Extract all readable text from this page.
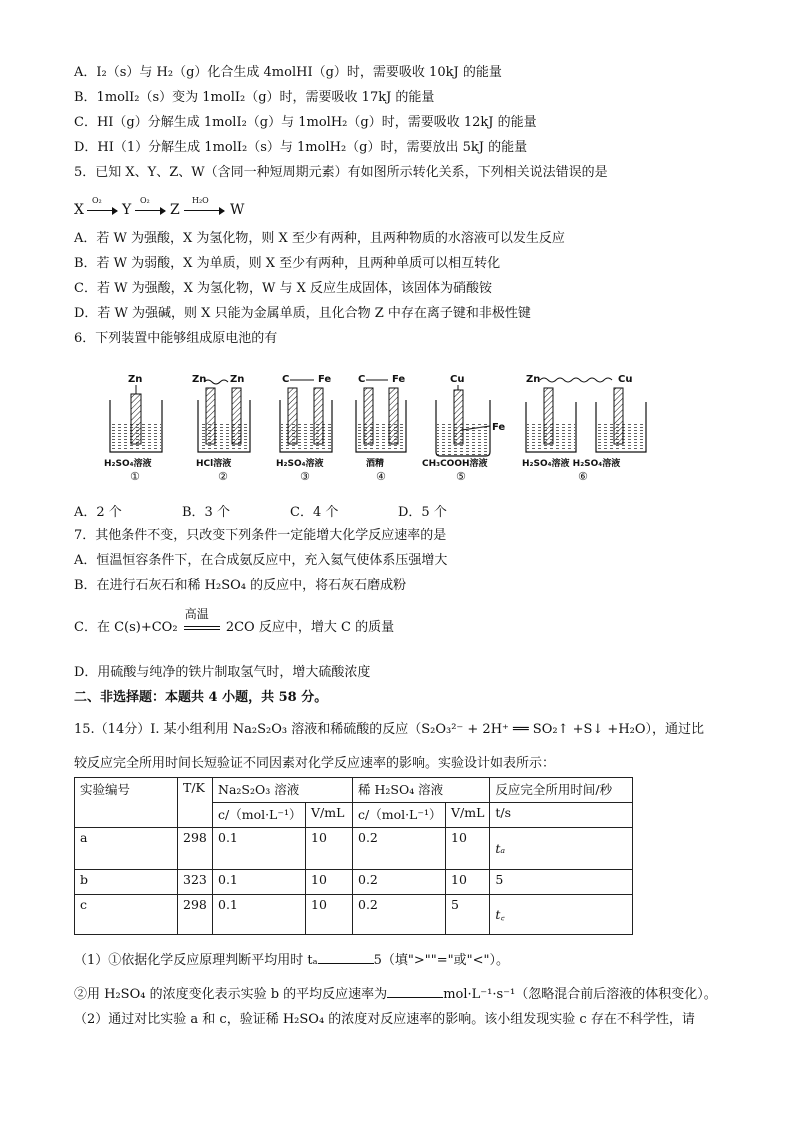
A．I₂（s）与 H₂（g）化合生成 4molHI（g）时，需要吸收 10kJ 的能量
B．1molI₂（s）变为 1molI₂（g）时，需要吸收 17kJ 的能量
C．HI（g）分解生成 1molI₂（g）与 1molH₂（g）时，需要吸收 12kJ 的能量
D．HI（1）分解生成 1molI₂（s）与 1molH₂（g）时，需要放出 5kJ 的能量
5．已知 X、Y、Z、W（含同一种短周期元素）有如图所示转化关系，下列相关说法错误的是
X
O₂
Y
O₂
Z
H₂O
W
A．若 W 为强酸，X 为氢化物，则 X 至少有两种，且两种物质的水溶液可以发生反应
B．若 W 为弱酸，X 为单质，则 X 至少有两种，且两种单质可以相互转化
C．若 W 为强酸，X 为氢化物，W 与 X 反应生成固体，该固体为硝酸铵
D．若 W 为强碱，则 X 只能为金属单质，且化合物 Z 中存在离子键和非极性键
6．下列装置中能够组成原电池的有
Zn
H₂SO₄溶液
①
Zn Zn
HCl溶液
②
C	Fe
H₂SO₄溶液
③
C	Fe
酒精
④
Cu
Fe
CH₃COOH溶液
⑤
Zn	Cu
H₂SO₄溶液 H₂SO₄溶液
⑥
A．2 个	B．3 个	C．4 个	D．5 个
7．其他条件不变，只改变下列条件一定能增大化学反应速率的是
A．恒温恒容条件下，在合成氨反应中，充入氦气使体系压强增大
B．在进行石灰石和稀 H₂SO₄ 的反应中，将石灰石磨成粉
C．在 C(s)+CO₂
高温
2CO 反应中，增大 C 的质量
D．用硫酸与纯净的铁片制取氢气时，增大硫酸浓度
二、非选择题：本题共 4 小题，共 58 分。
15.（14分）Ⅰ. 某小组利用 Na₂S₂O₃ 溶液和稀硫酸的反应（S₂O₃²⁻ + 2H⁺ ══ SO₂↑ +S↓ +H₂O），通过比
较反应完全所用时间长短验证不同因素对化学反应速率的影响。实验设计如表所示：
实验编号	T/K	Na₂S₂O₃ 溶液		稀 H₂SO₄ 溶液		反应完全所用时间/秒
		c/（mol·L⁻¹）	V/mL	c/（mol·L⁻¹）	V/mL	t/s
a	298	0.1	10	0.2	10	tₐ
b	323	0.1	10	0.2	10	5
c	298	0.1	10	0.2	5	t꜀
（1）①依据化学反应原理判断平均用时 tₐ	5（填">""="或"<"）。
②用 H₂SO₄ 的浓度变化表示实验 b 的平均反应速率为	mol·L⁻¹·s⁻¹（忽略混合前后溶液的体积变化）。
（2）通过对比实验 a 和 c，验证稀 H₂SO₄ 的浓度对反应速率的影响。该小组发现实验 c 存在不科学性，请
